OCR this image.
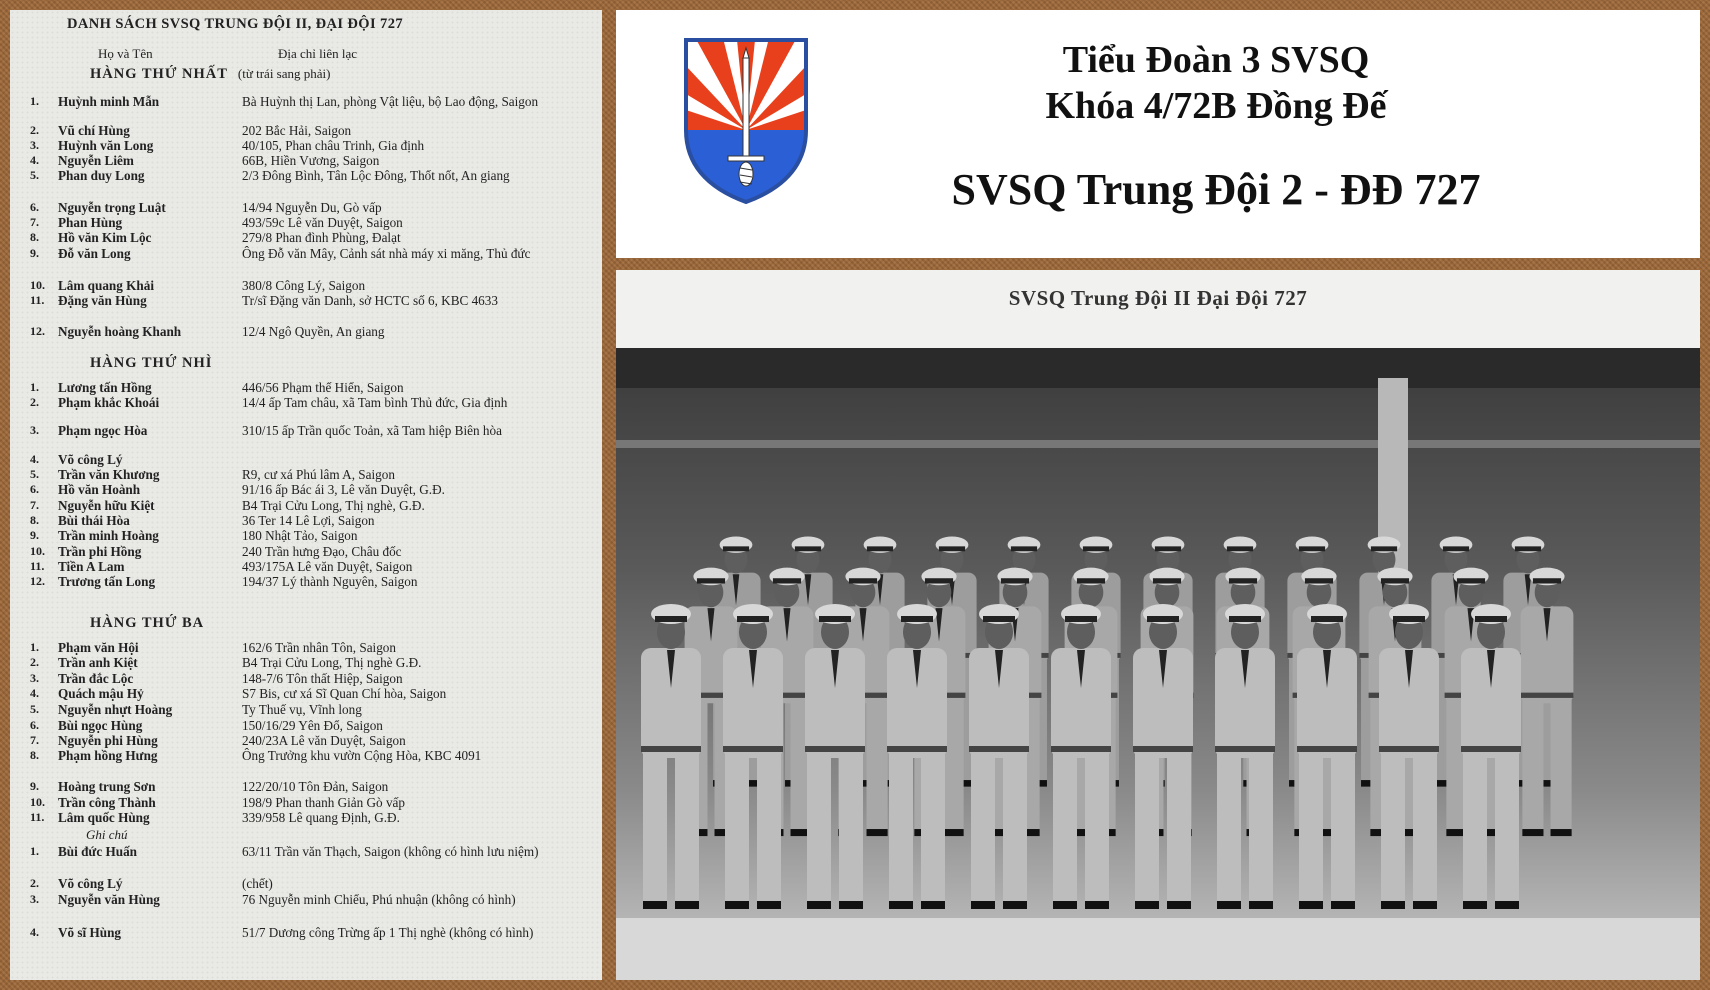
DANH SÁCH SVSQ TRUNG ĐỘI II, ĐẠI ĐỘI 727
Họ và Tên	Địa chỉ liên lạc
HÀNG THỨ NHẤT (từ trái sang phải)
1.	Huỳnh minh Mẫn	Bà Huỳnh thị Lan, phòng Vật liệu, bộ Lao động, Saigon
2.	Vũ chí Hùng	202 Bắc Hải, Saigon
3.	Huỳnh văn Long	40/105, Phan châu Trinh, Gia định
4.	Nguyễn Liêm	66B, Hiền Vương, Saigon
5.	Phan duy Long	2/3 Đông Bình, Tân Lộc Đông, Thốt nốt, An giang
6.	Nguyễn trọng Luật	14/94 Nguyễn Du, Gò vấp
7.	Phan Hùng	493/59c Lê văn Duyệt, Saigon
8.	Hồ văn Kim Lộc	279/8 Phan đình Phùng, Đalạt
9.	Đỗ văn Long	Ông Đỗ văn Mây, Cảnh sát nhà máy xi măng, Thủ đức
10. Lâm quang Khải	380/8 Công Lý, Saigon
11.	Đặng văn Hùng	Tr/sĩ Đặng văn Danh, sở HCTC số 6, KBC 4633
12. Nguyễn hoàng Khanh	12/4 Ngô Quyền, An giang
HÀNG THỨ NHÌ
1.	Lương tấn Hồng	446/56 Phạm thế Hiển, Saigon
2.	Phạm khắc Khoái	14/4 ấp Tam châu, xã Tam bình Thủ đức, Gia định
3.	Phạm ngọc Hòa	310/15 ấp Trần quốc Toản, xã Tam hiệp Biên hòa
4.	Võ công Lý
5.	Trần văn Khương	R9, cư xá Phú lâm A, Saigon
6.	Hồ văn Hoành	91/16 ấp Bác ái 3, Lê văn Duyệt, G.Đ.
7.	Nguyễn hữu Kiệt	B4 Trại Cửu Long, Thị nghè, G.Đ.
8.	Bùi thái Hòa	36 Ter 14 Lê Lợi, Saigon
9.	Trần minh Hoàng	180 Nhật Tảo, Saigon
10. Trần phi Hồng	240 Trần hưng Đạo, Châu đốc
11.	Tiền A Lam	493/175A Lê văn Duyệt, Saigon
12. Trương tấn Long	194/37 Lý thành Nguyên, Saigon
HÀNG THỨ BA
1.	Phạm văn Hội	162/6 Trần nhân Tôn, Saigon
2.	Trần anh Kiệt	B4 Trại Cửu Long, Thị nghè G.Đ.
3.	Trần đắc Lộc	148-7/6 Tôn thất Hiệp, Saigon
4.	Quách mậu Hỷ	S7 Bis, cư xá Sĩ Quan Chí hòa, Saigon
5.	Nguyễn nhựt Hoàng	Ty Thuế vụ, Vĩnh long
6.	Bùi ngọc Hùng	150/16/29 Yên Đổ, Saigon
7.	Nguyễn phi Hùng	240/23A Lê văn Duyệt, Saigon
8.	Phạm hồng Hưng	Ông Trưởng khu vườn Cộng Hòa, KBC 4091
9.	Hoàng trung Sơn	122/20/10 Tôn Đản, Saigon
10. Trần công Thành	198/9 Phan thanh Giản Gò vấp
11.	Lâm quốc Hùng	339/958 Lê quang Định, G.Đ.
Ghi chú
1.	Bùi đức Huấn	63/11 Trần văn Thạch, Saigon (không có hình lưu niệm)
2.	Võ công Lý	(chết)
3.	Nguyễn văn Hùng	76 Nguyễn minh Chiểu, Phú nhuận (không có hình)
4.	Võ sĩ Hùng	51/7 Dương công Trừng ấp 1 Thị nghè (không có hình)
Tiểu Đoàn 3 SVSQ
Khóa 4/72B Đồng Đế
SVSQ Trung Đội 2 - ĐĐ 727
SVSQ Trung Đội II Đại Đội 727
